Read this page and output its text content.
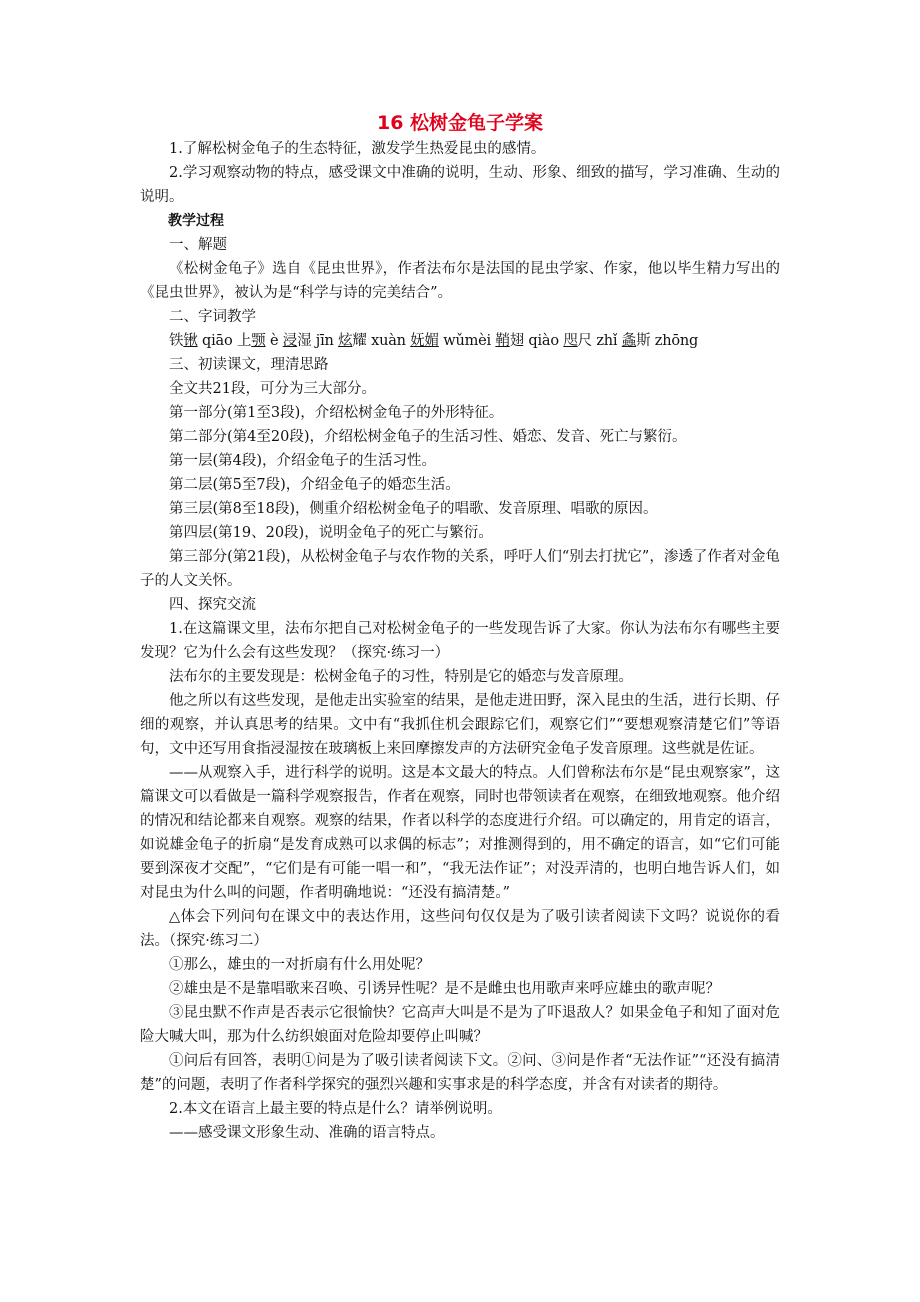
16 松树金龟子学案

1.了解松树金龟子的生态特征，激发学生热爱昆虫的感情。

2.学习观察动物的特点，感受课文中准确的说明，生动、形象、细致的描写，学习准确、生动的说明。

教学过程

一、解题

《松树金龟子》选自《昆虫世界》，作者法布尔是法国的昆虫学家、作家，他以毕生精力写出的《昆虫世界》，被认为是“科学与诗的完美结合”。

二、字词教学

铁锹 qiāo 上颚 è 浸湿 jīn 炫耀 xuàn 妩媚 wǔmèi 鞘翅 qiào 咫尺 zhǐ 螽斯 zhōng

三、初读课文，理清思路

全文共21段，可分为三大部分。

第一部分(第1至3段)，介绍松树金龟子的外形特征。

第二部分(第4至20段)，介绍松树金龟子的生活习性、婚恋、发音、死亡与繁衍。

第一层(第4段)，介绍金龟子的生活习性。

第二层(第5至7段)，介绍金龟子的婚恋生活。

第三层(第8至18段)，侧重介绍松树金龟子的唱歌、发音原理、唱歌的原因。

第四层(第19、20段)，说明金龟子的死亡与繁衍。

第三部分(第21段)，从松树金龟子与农作物的关系，呼吁人们“别去打扰它”，渗透了作者对金龟子的人文关怀。

四、探究交流

1.在这篇课文里，法布尔把自己对松树金龟子的一些发现告诉了大家。你认为法布尔有哪些主要发现？它为什么会有这些发现？（探究·练习一）

法布尔的主要发现是：松树金龟子的习性，特别是它的婚恋与发音原理。

他之所以有这些发现，是他走出实验室的结果，是他走进田野，深入昆虫的生活，进行长期、仔细的观察，并认真思考的结果。文中有“我抓住机会跟踪它们，观察它们”“要想观察清楚它们”等语句，文中还写用食指浸湿按在玻璃板上来回摩擦发声的方法研究金龟子发音原理。这些就是佐证。

——从观察入手，进行科学的说明。这是本文最大的特点。人们曾称法布尔是“昆虫观察家”，这篇课文可以看做是一篇科学观察报告，作者在观察，同时也带领读者在观察，在细致地观察。他介绍的情况和结论都来自观察。观察的结果，作者以科学的态度进行介绍。可以确定的，用肯定的语言，如说雄金龟子的折扇“是发育成熟可以求偶的标志”；对推测得到的，用不确定的语言，如“它们可能要到深夜才交配”，“它们是有可能一唱一和”，“我无法作证”；对没弄清的，也明白地告诉人们，如对昆虫为什么叫的问题，作者明确地说：“还没有搞清楚。”

△体会下列问句在课文中的表达作用，这些问句仅仅是为了吸引读者阅读下文吗？说说你的看法。（探究·练习二）

①那么，雄虫的一对折扇有什么用处呢？

②雄虫是不是靠唱歌来召唤、引诱异性呢？是不是雌虫也用歌声来呼应雄虫的歌声呢？

③昆虫默不作声是否表示它很愉快？它高声大叫是不是为了吓退敌人？如果金龟子和知了面对危险大喊大叫，那为什么纺织娘面对危险却要停止叫喊？

①问后有回答，表明①问是为了吸引读者阅读下文。②问、③问是作者“无法作证”“还没有搞清楚”的问题，表明了作者科学探究的强烈兴趣和实事求是的科学态度，并含有对读者的期待。

2.本文在语言上最主要的特点是什么？请举例说明。

——感受课文形象生动、准确的语言特点。
